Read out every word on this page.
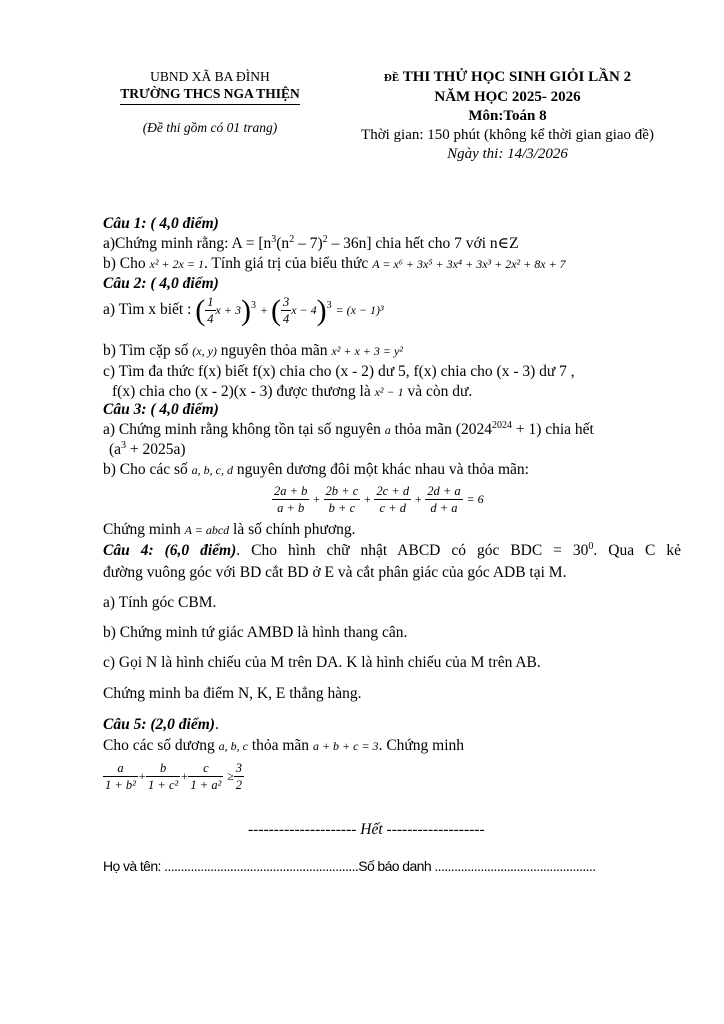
UBND XÃ BA ĐÌNH
TRƯỜNG THCS NGA THIỆN
(Đề thi gồm có 01 trang)
ĐỀ THI THỬ HỌC SINH GIỎI LẦN 2
NĂM HỌC 2025- 2026
Môn:Toán 8
Thời gian: 150 phút (không kể thời gian giao đề)
Ngày thi: 14/3/2026
Câu 1: ( 4,0 điểm)
a)Chứng minh rằng: $A = [n^3(n^2 - 7)^2 - 36n]$ chia hết cho 7 với n∈Z
b) Cho x² + 2x = 1. Tính giá trị của biểu thức A = x⁶ + 3x⁵ + 3x⁴ + 3x³ + 2x² + 8x + 7
Câu 2: ( 4,0 điểm)
a) Tìm x biết : ( $\frac{1}{4}$ x + 3)$^3$ + ( $\frac{3}{4}$ x − 4)$^3$ = (x − 1)³
b) Tìm cặp số (x, y) nguyên thỏa mãn x² + x + 3 = y²
c) Tìm đa thức f(x) biết f(x) chia cho (x - 2) dư 5, f(x) chia cho (x - 3) dư 7 ,
f(x) chia cho (x - 2)(x - 3) được thương là x² − 1 và còn dư.
Câu 3: ( 4,0 điểm)
a) Chứng minh rằng không tồn tại số nguyên a thỏa mãn $(2024^{2024} + 1)$ chia hết
$(a^3 + 2025a)$
b) Cho các số a, b, c, d nguyên dương đôi một khác nhau và thỏa mãn:
$\frac{2a + b}{a + b} + \frac{2b + c}{b + c} + \frac{2c + d}{c + d} + \frac{2d + a}{d + a} = 6$
Chứng minh A = abcd là số chính phương.
Câu 4: (6,0 điểm). Cho hình chữ nhật ABCD có góc BDC = $30^0$. Qua C kẻ
đường vuông góc với BD cắt BD ở E và cắt phân giác của góc ADB tại M.
a) Tính góc CBM.
b) Chứng minh tứ giác AMBD là hình thang cân.
c) Gọi N là hình chiếu của M trên DA. K là hình chiếu của M trên AB.
Chứng minh ba điểm N, K, E thẳng hàng.
Câu 5: (2,0 điểm).
Cho các số dương a, b, c thỏa mãn a + b + c = 3. Chứng minh
$\frac{a}{\text{1 + b²}} + \frac{b}{\text{1 + c²}} + \frac{c}{\text{1 + a²}} \ge \frac{3}{2}$
--------------------- Hết -------------------
Họ và tên: ...........................................................Số báo danh .................................................
